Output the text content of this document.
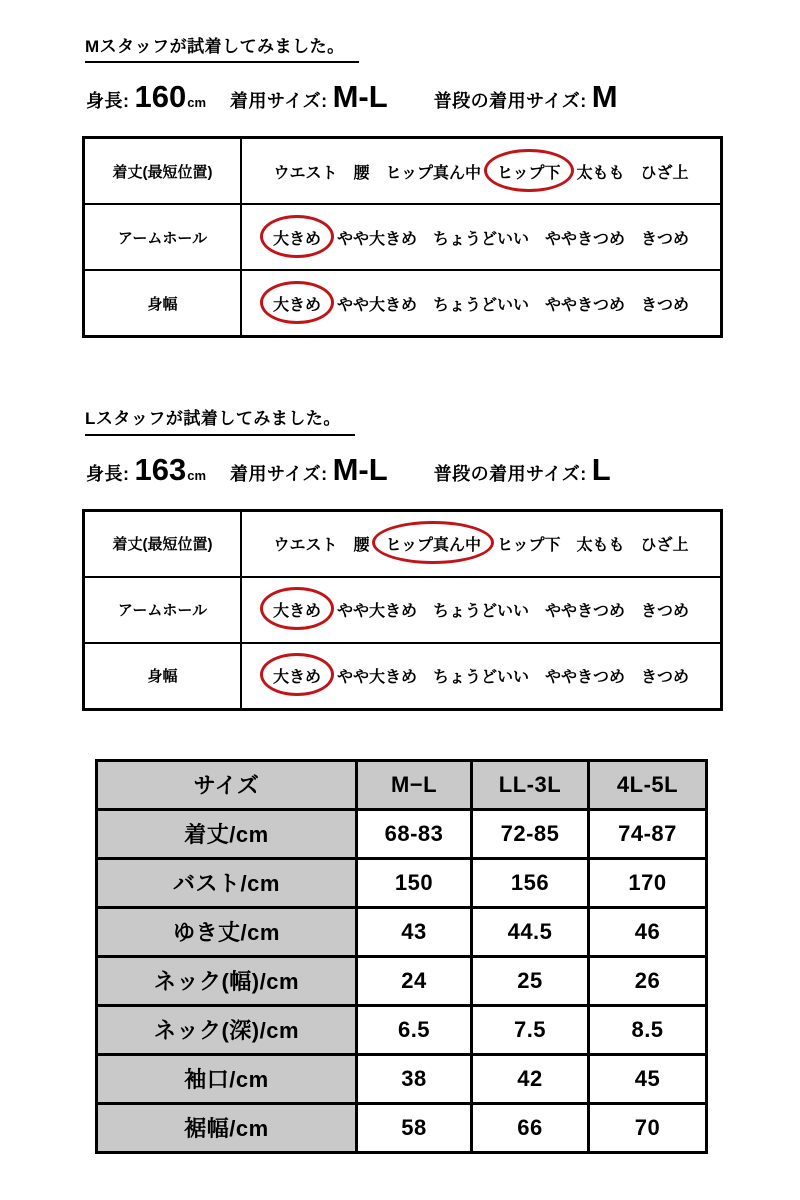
Mスタッフが試着してみました。
身長: 160 cm 着用サイズ: M-L	普段の着用サイズ: M
着丈(最短位置)	ウエスト 腰 ヒップ真ん中 ヒップ下 太もも ひざ上

アームホール	大きめ やや大きめ ちょうどいい ややきつめ きつめ

身幅	大きめ やや大きめ ちょうどいい ややきつめ きつめ
Lスタッフが試着してみました。
身長: 163 cm 着用サイズ: M-L	普段の着用サイズ: L
着丈(最短位置)	ウエスト 腰 ヒップ真ん中 ヒップ下 太もも ひざ上

アームホール	大きめ やや大きめ ちょうどいい ややきつめ きつめ

身幅	大きめ やや大きめ ちょうどいい ややきつめ きつめ
サイズ	M−L	LL-3L	4L-5L
着丈/cm	68-83	72-85	74-87
バスト/cm	150	156	170
ゆき丈/cm	43	44.5	46
ネック(幅)/cm	24	25	26
ネック(深)/cm	6.5	7.5	8.5
袖口/cm	38	42	45
裾幅/cm	58	66	70
